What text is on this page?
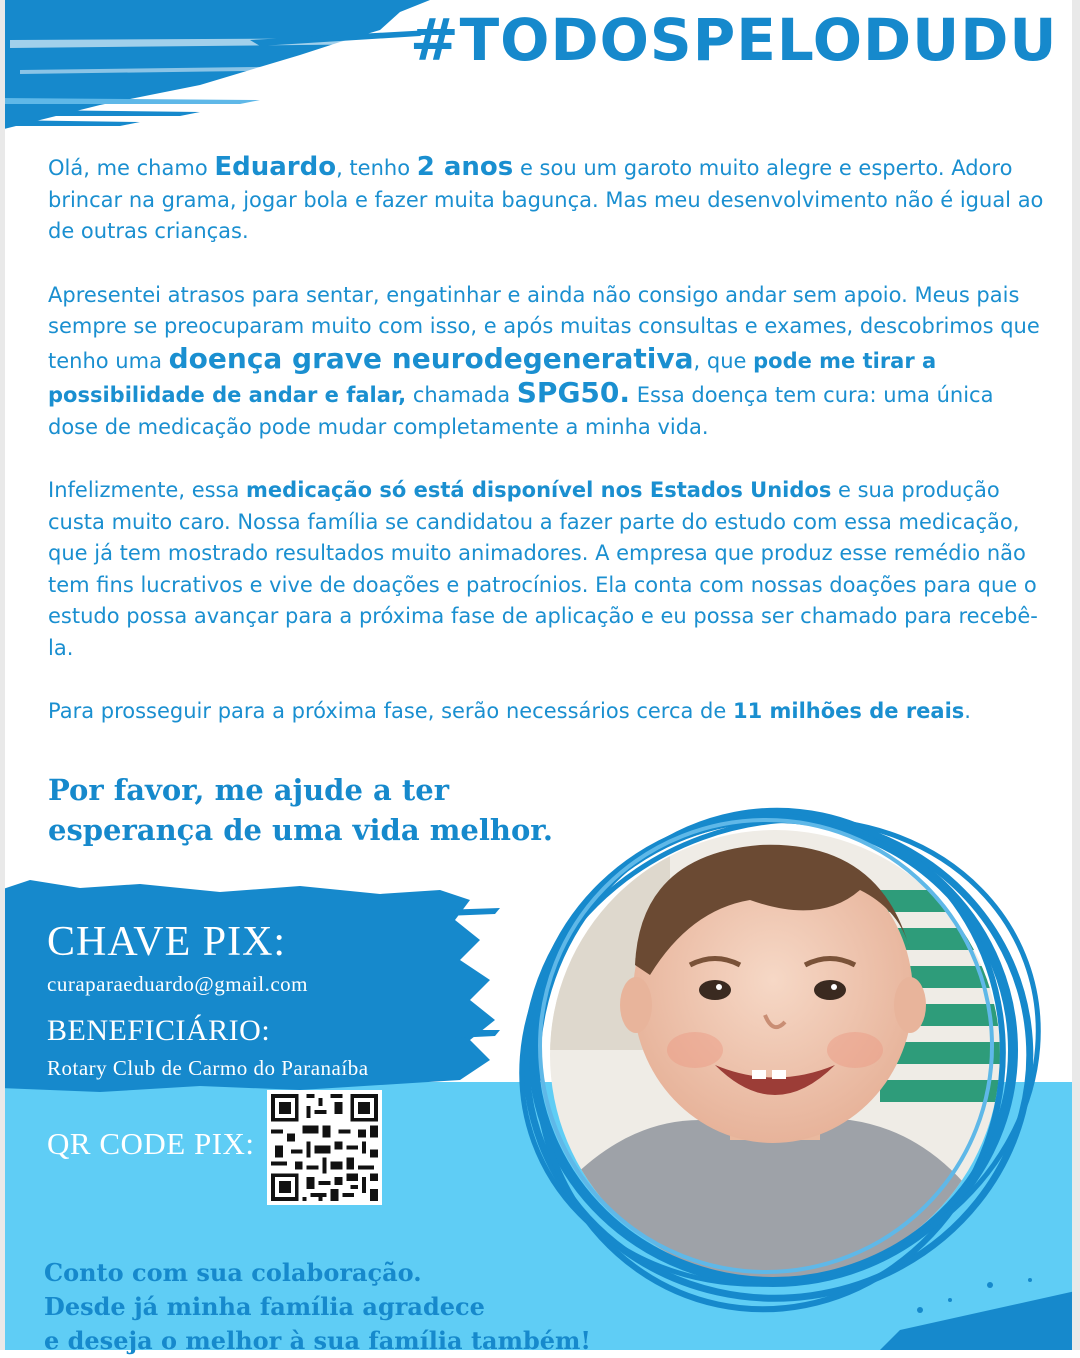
#TODOSPELODUDU

Olá, me chamo Eduardo, tenho 2 anos e sou um garoto muito alegre e esperto. Adoro brincar na grama, jogar bola e fazer muita bagunça. Mas meu desenvolvimento não é igual ao de outras crianças.

Apresentei atrasos para sentar, engatinhar e ainda não consigo andar sem apoio. Meus pais sempre se preocuparam muito com isso, e após muitas consultas e exames, descobrimos que tenho uma doença grave neurodegenerativa, que pode me tirar a possibilidade de andar e falar, chamada SPG50. Essa doença tem cura: uma única dose de medicação pode mudar completamente a minha vida.

Infelizmente, essa medicação só está disponível nos Estados Unidos e sua produção custa muito caro. Nossa família se candidatou a fazer parte do estudo com essa medicação, que já tem mostrado resultados muito animadores. A empresa que produz esse remédio não tem fins lucrativos e vive de doações e patrocínios. Ela conta com nossas doações para que o estudo possa avançar para a próxima fase de aplicação e eu possa ser chamado para recebê-la.

Para prosseguir para a próxima fase, serão necessários cerca de 11 milhões de reais.

Por favor, me ajude a ter esperança de uma vida melhor.
CHAVE PIX:
curaparaeduardo@gmail.com
BENEFICIÁRIO:
Rotary Club de Carmo do Paranaíba
QR CODE PIX:
Conto com sua colaboração.
Desde já minha família agradece
e deseja o melhor à sua família também!
